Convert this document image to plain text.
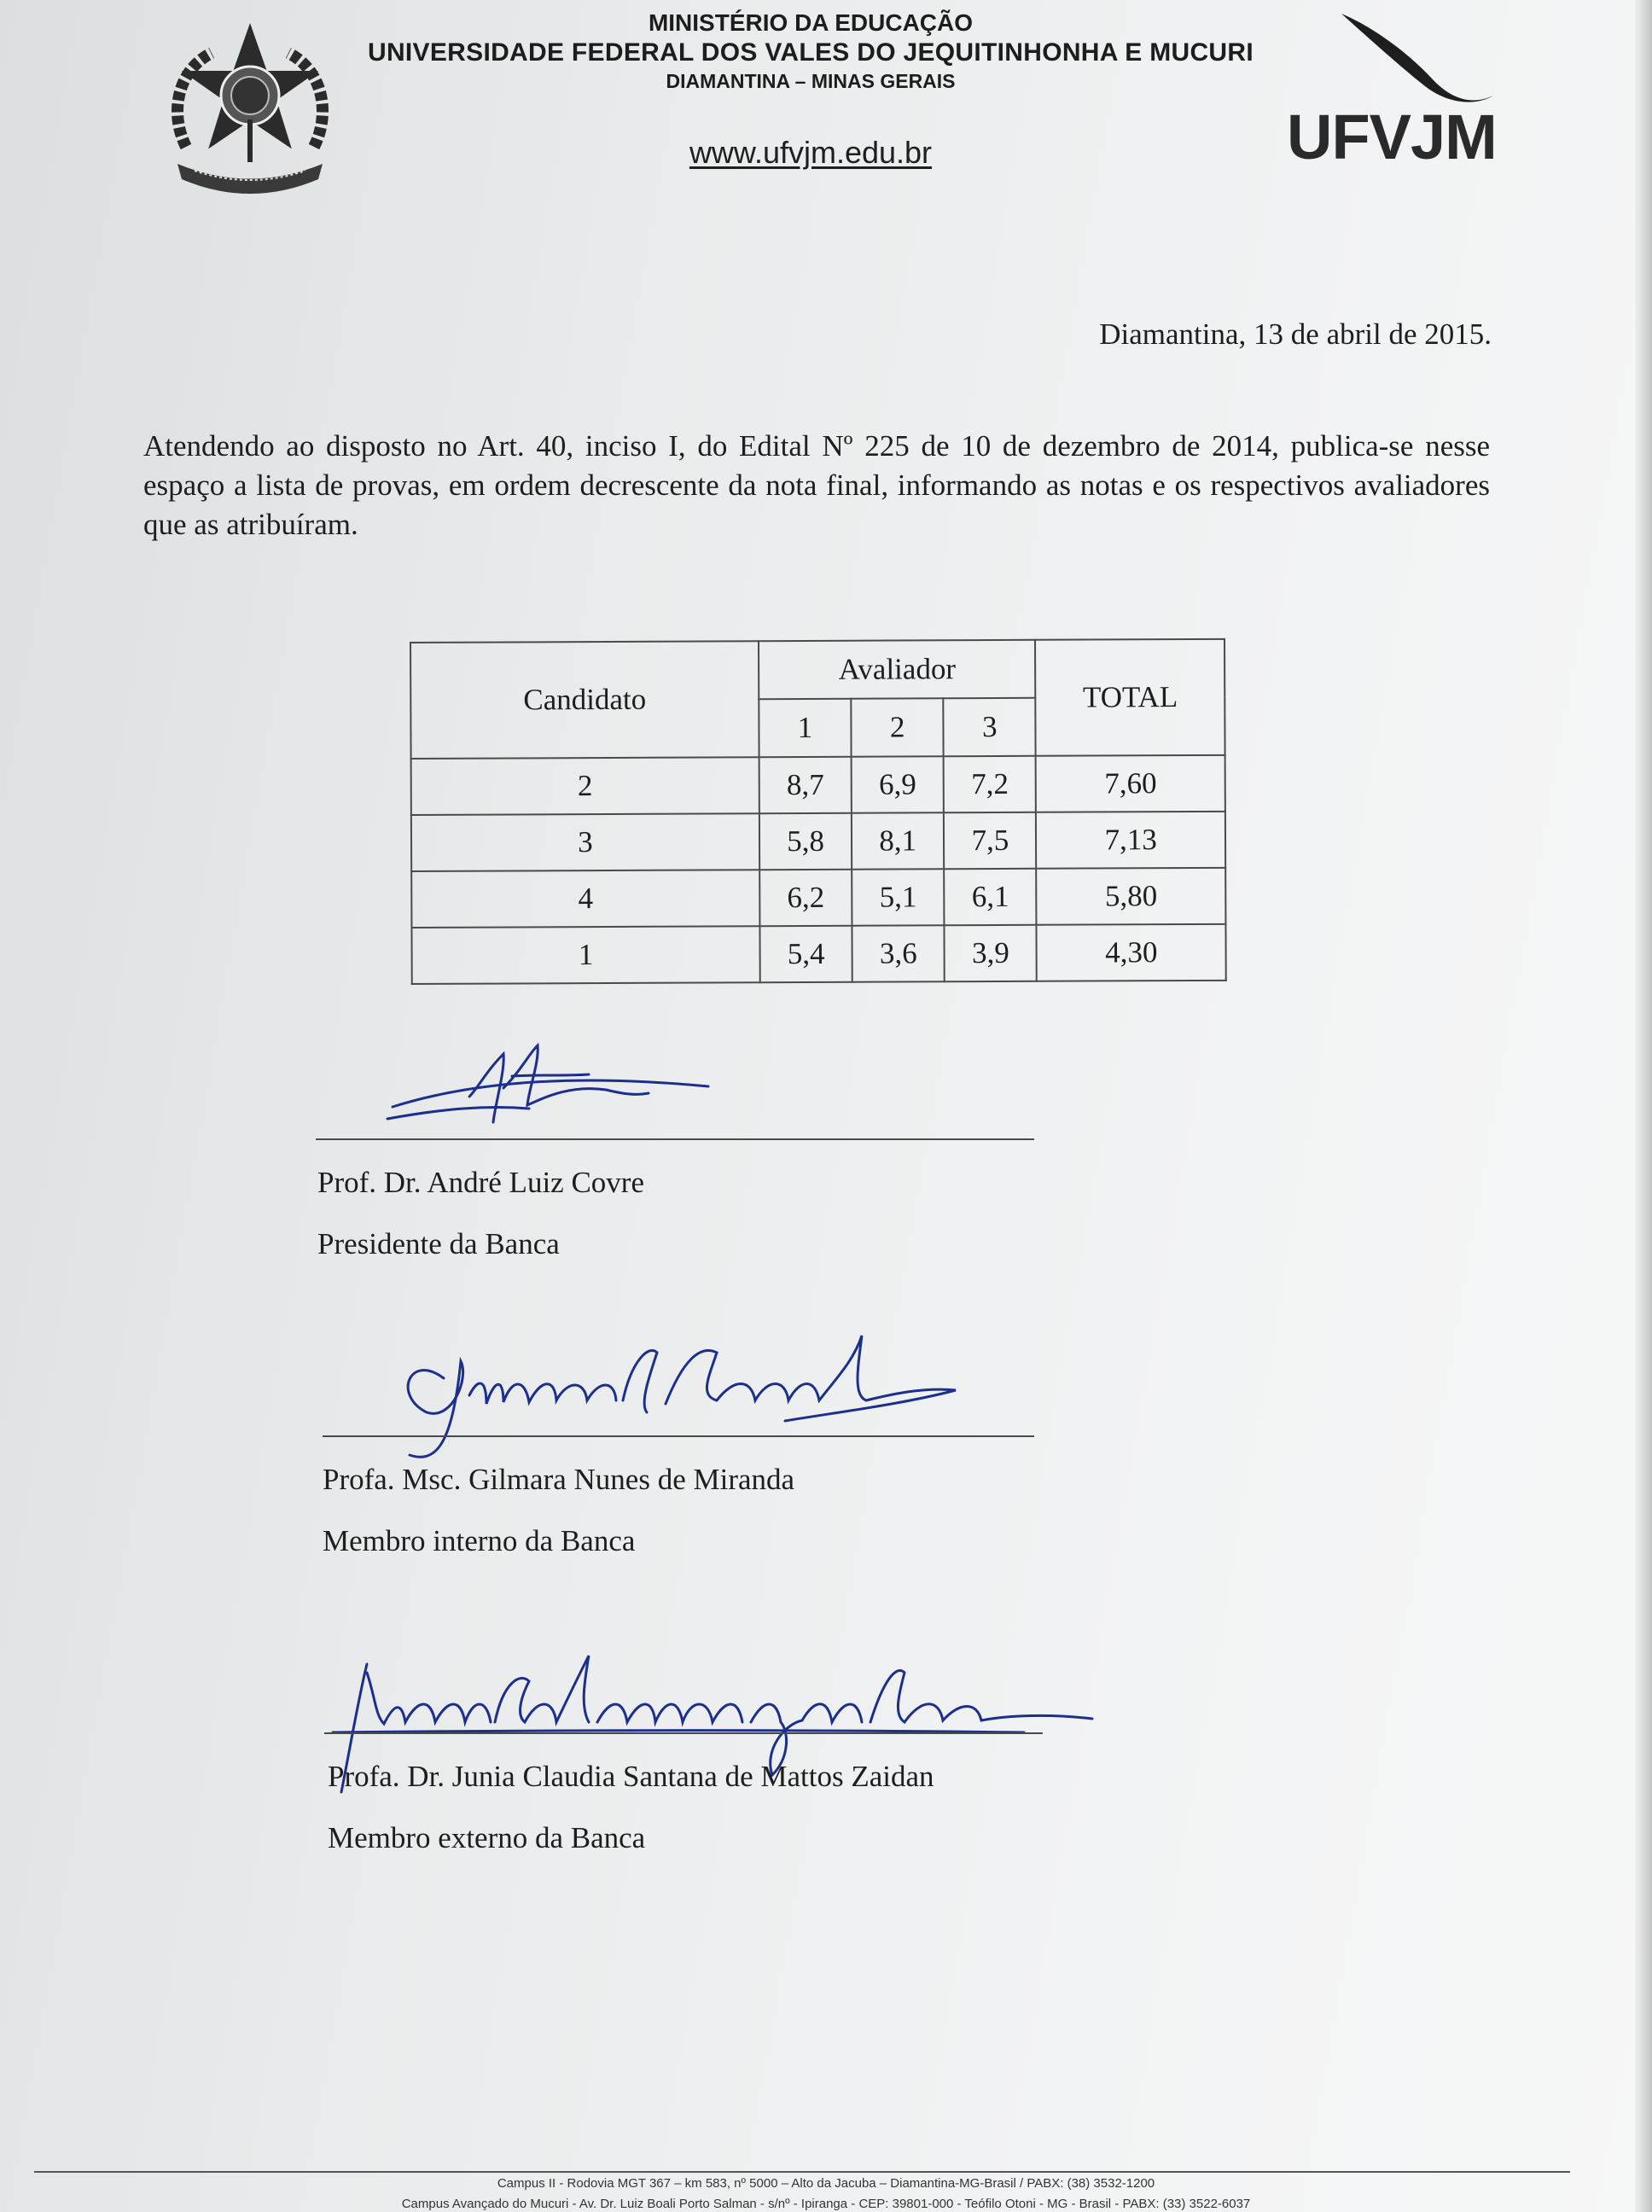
MINISTÉRIO DA EDUCAÇÃO
UNIVERSIDADE FEDERAL DOS VALES DO JEQUITINHONHA E MUCURI
DIAMANTINA – MINAS GERAIS
www.ufvjm.edu.br	UFVJM
Diamantina, 13 de abril de 2015.
Atendendo ao disposto no Art. 40, inciso I, do Edital Nº 225 de 10 de dezembro de 2014, publica-se nesse espaço a lista de provas, em ordem decrescente da nota final, informando as notas e os respectivos avaliadores que as atribuíram.
Candidato	Avaliador			TOTAL
	1	2	3	
2	8,7	6,9	7,2	7,60
3	5,8	8,1	7,5	7,13
4	6,2	5,1	6,1	5,80
1	5,4	3,6	3,9	4,30
Prof. Dr. André Luiz Covre
Presidente da Banca
Profa. Msc. Gilmara Nunes de Miranda
Membro interno da Banca
Profa. Dr. Junia Claudia Santana de Mattos Zaidan
Membro externo da Banca
Campus II - Rodovia MGT 367 – km 583, nº 5000 – Alto da Jacuba – Diamantina-MG-Brasil / PABX: (38) 3532-1200
Campus Avançado do Mucuri - Av. Dr. Luiz Boali Porto Salman - s/nº - Ipiranga - CEP: 39801-000 - Teófilo Otoni - MG - Brasil - PABX: (33) 3522-6037
